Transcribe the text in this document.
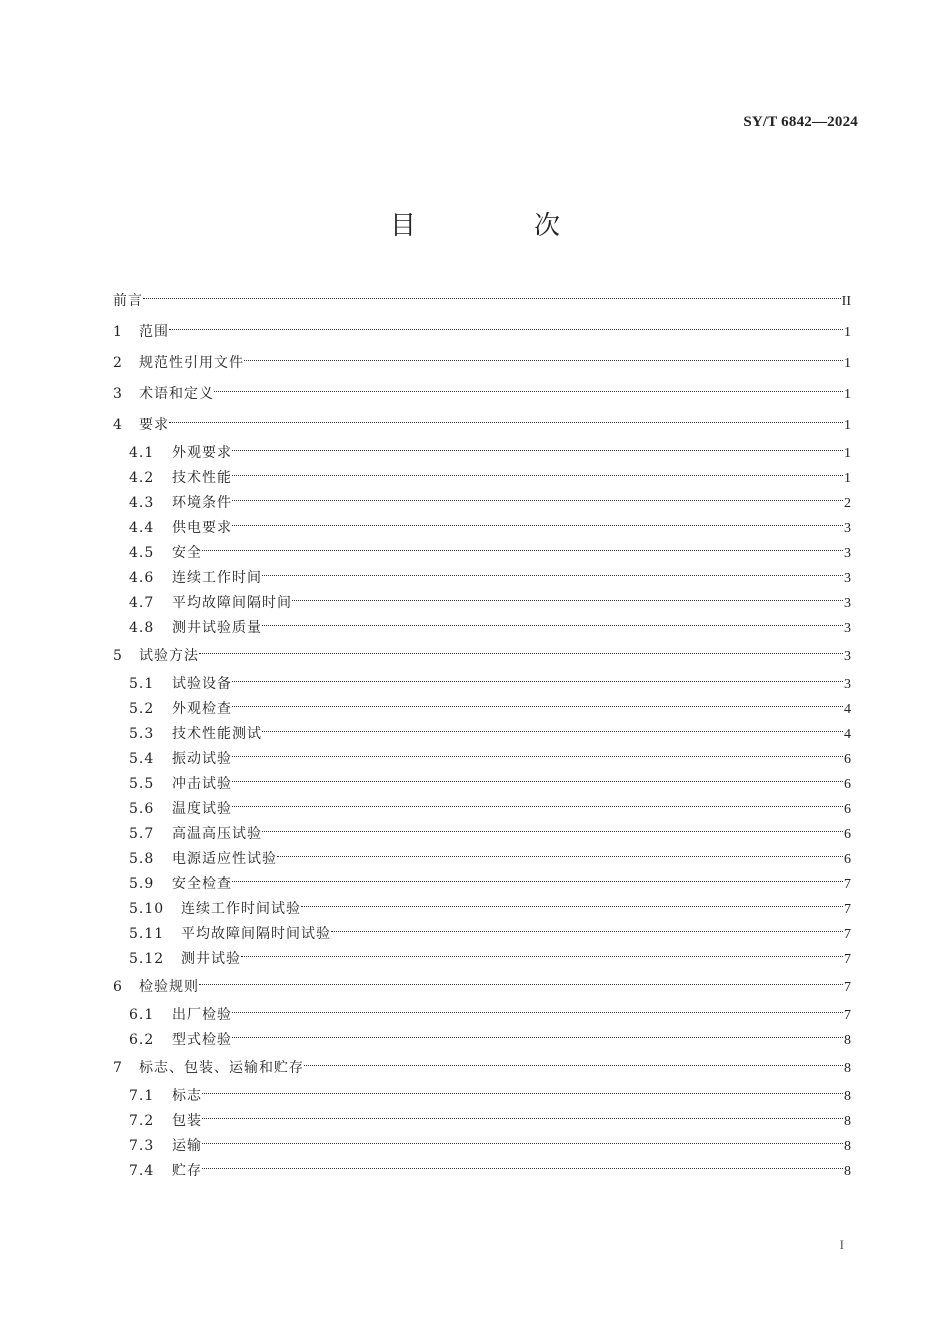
SY/T 6842—2024
目　次
前言	II
1	范围	1
2	规范性引用文件	1
3	术语和定义	1
4	要求	1
4.1	外观要求	1
4.2	技术性能	1
4.3	环境条件	2
4.4	供电要求	3
4.5	安全	3
4.6	连续工作时间	3
4.7	平均故障间隔时间	3
4.8	测井试验质量	3
5	试验方法	3
5.1	试验设备	3
5.2	外观检查	4
5.3	技术性能测试	4
5.4	振动试验	6
5.5	冲击试验	6
5.6	温度试验	6
5.7	高温高压试验	6
5.8	电源适应性试验	6
5.9	安全检查	7
5.10	连续工作时间试验	7
5.11	平均故障间隔时间试验	7
5.12	测井试验	7
6	检验规则	7
6.1	出厂检验	7
6.2	型式检验	8
7	标志、包装、运输和贮存	8
7.1	标志	8
7.2	包装	8
7.3	运输	8
7.4	贮存	8
I
